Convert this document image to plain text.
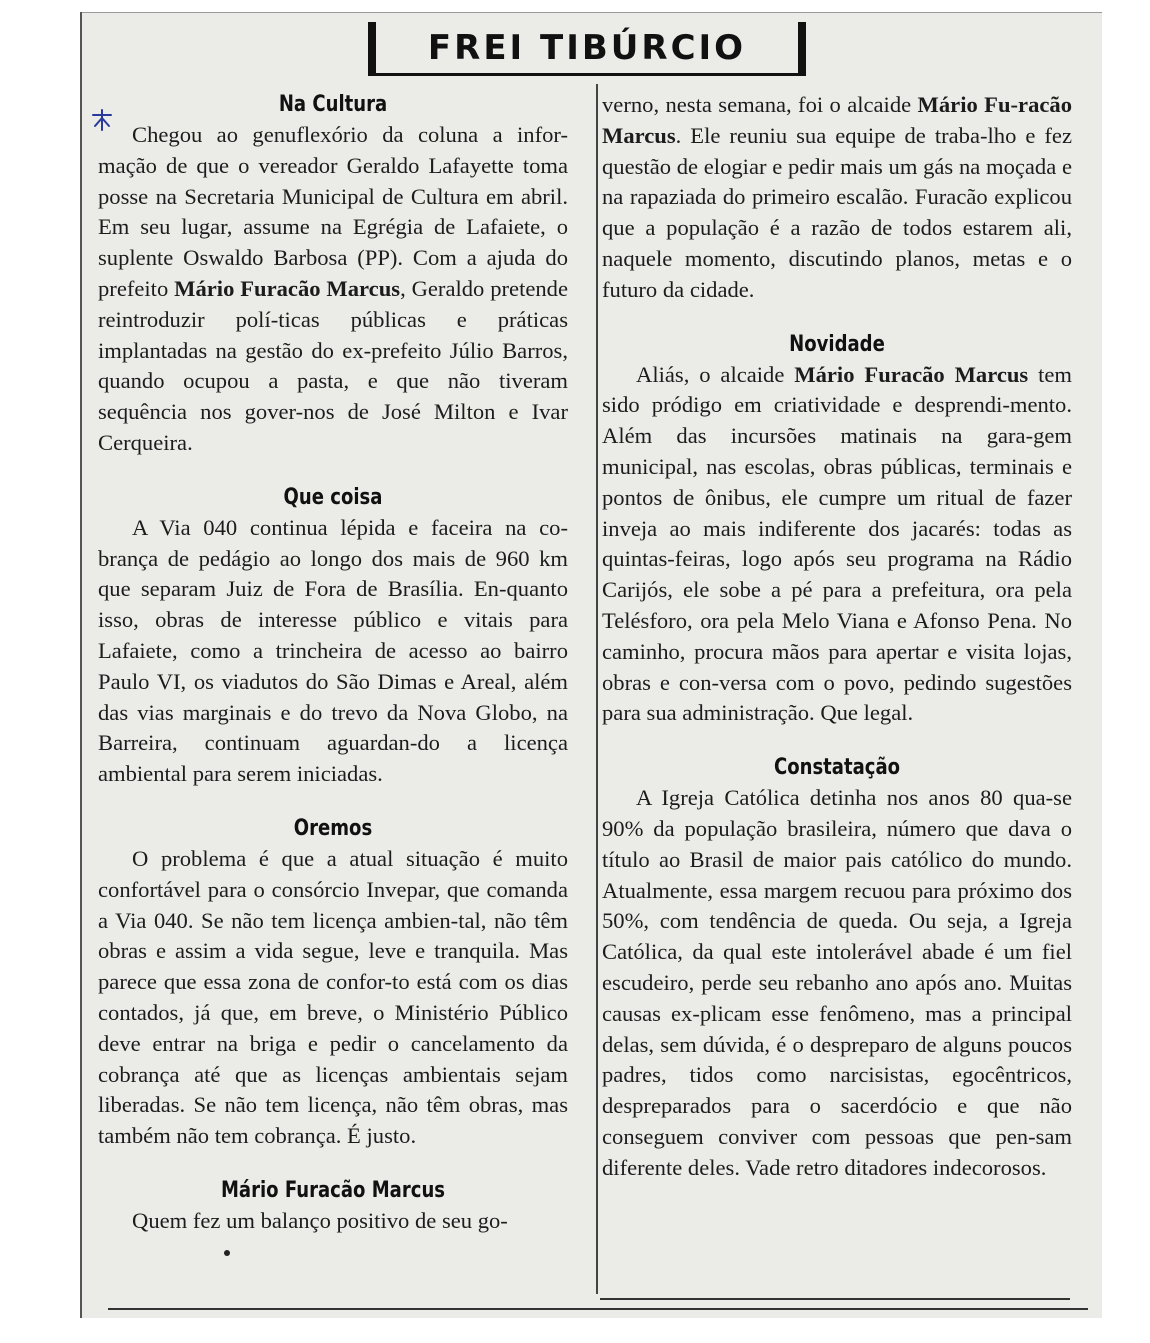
FREI TIBÚRCIO
Na Cultura

Chegou ao genuflexório da coluna a infor-mação de que o vereador Geraldo Lafayette toma posse na Secretaria Municipal de Cultura em abril. Em seu lugar, assume na Egrégia de Lafaiete, o suplente Oswaldo Barbosa (PP). Com a ajuda do prefeito Mário Furacão Marcus, Geraldo pretende reintroduzir polí-ticas públicas e práticas implantadas na gestão do ex-prefeito Júlio Barros, quando ocupou a pasta, e que não tiveram sequência nos gover-nos de José Milton e Ivar Cerqueira.

Que coisa

A Via 040 continua lépida e faceira na co-brança de pedágio ao longo dos mais de 960 km que separam Juiz de Fora de Brasília. En-quanto isso, obras de interesse público e vitais para Lafaiete, como a trincheira de acesso ao bairro Paulo VI, os viadutos do São Dimas e Areal, além das vias marginais e do trevo da Nova Globo, na Barreira, continuam aguardan-do a licença ambiental para serem iniciadas.

Oremos

O problema é que a atual situação é muito confortável para o consórcio Invepar, que comanda a Via 040. Se não tem licença ambien-tal, não têm obras e assim a vida segue, leve e tranquila. Mas parece que essa zona de confor-to está com os dias contados, já que, em breve, o Ministério Público deve entrar na briga e pedir o cancelamento da cobrança até que as licenças ambientais sejam liberadas. Se não tem licença, não têm obras, mas também não tem cobrança. É justo.

Mário Furacão Marcus

Quem fez um balanço positivo de seu go-

verno, nesta semana, foi o alcaide Mário Fu-racão Marcus. Ele reuniu sua equipe de traba-lho e fez questão de elogiar e pedir mais um gás na moçada e na rapaziada do primeiro escalão. Furacão explicou que a população é a razão de todos estarem ali, naquele momento, discutindo planos, metas e o futuro da cidade.

Novidade

Aliás, o alcaide Mário Furacão Marcus tem sido pródigo em criatividade e desprendi-mento. Além das incursões matinais na gara-gem municipal, nas escolas, obras públicas, terminais e pontos de ônibus, ele cumpre um ritual de fazer inveja ao mais indiferente dos jacarés: todas as quintas-feiras, logo após seu programa na Rádio Carijós, ele sobe a pé para a prefeitura, ora pela Telésforo, ora pela Melo Viana e Afonso Pena. No caminho, procura mãos para apertar e visita lojas, obras e con-versa com o povo, pedindo sugestões para sua administração. Que legal.

Constatação

A Igreja Católica detinha nos anos 80 qua-se 90% da população brasileira, número que dava o título ao Brasil de maior pais católico do mundo. Atualmente, essa margem recuou para próximo dos 50%, com tendência de queda. Ou seja, a Igreja Católica, da qual este intolerável abade é um fiel escudeiro, perde seu rebanho ano após ano. Muitas causas ex-plicam esse fenômeno, mas a principal delas, sem dúvida, é o despreparo de alguns poucos padres, tidos como narcisistas, egocêntricos, despreparados para o sacerdócio e que não conseguem conviver com pessoas que pen-sam diferente deles. Vade retro ditadores indecorosos.
